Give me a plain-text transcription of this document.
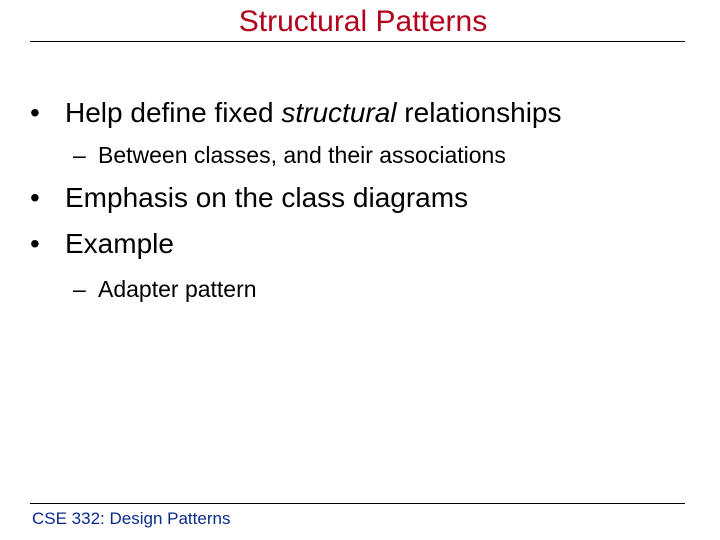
Structural Patterns
• Help define fixed structural relationships
– Between classes, and their associations
• Emphasis on the class diagrams
• Example
– Adapter pattern
CSE 332: Design Patterns
